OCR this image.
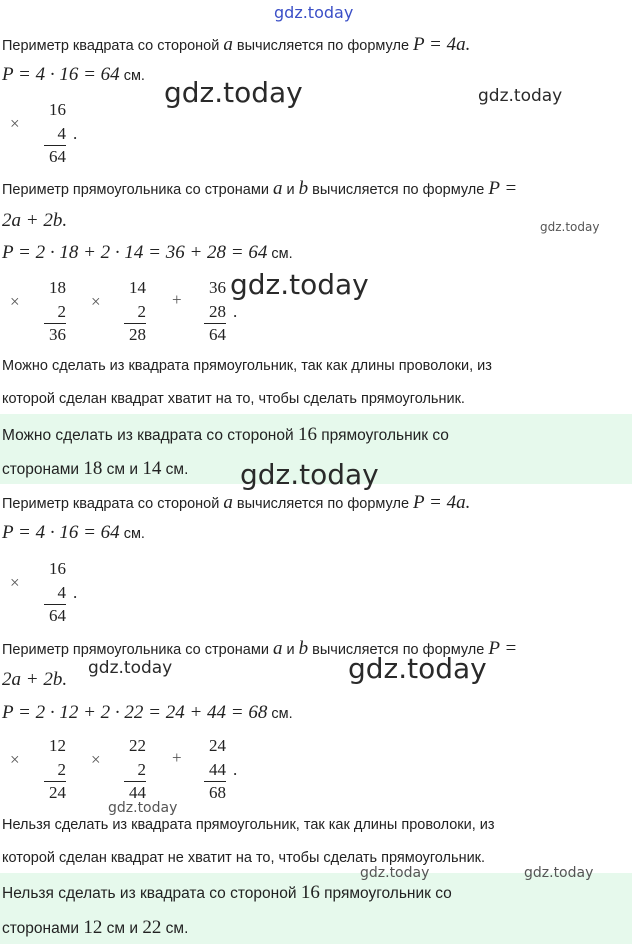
gdz.today
Периметр квадрата со стороной a вычисляется по формуле P = 4a.
P = 4 · 16 = 64 см.
×
16
4
64
.
Периметр прямоугольника со стронами a и b вычисляется по формуле P =
2a + 2b.
P = 2 · 18 + 2 · 14 = 36 + 28 = 64 см.
×
18
2
36
×
14
2
28
+
36
28
64
.
Можно сделать из квадрата прямоугольник, так как длины проволоки, из
которой сделан квадрат хватит на то, чтобы сделать прямоугольник.
Можно сделать из квадрата со стороной 16 прямоугольник со
сторонами 18 см и 14 см.
Периметр квадрата со стороной a вычисляется по формуле P = 4a.
P = 4 · 16 = 64 см.
×
16
4
64
.
Периметр прямоугольника со стронами a и b вычисляется по формуле P =
2a + 2b.
P = 2 · 12 + 2 · 22 = 24 + 44 = 68 см.
×
12
2
24
×
22
2
44
+
24
44
68
.
Нельзя сделать из квадрата прямоугольник, так как длины проволоки, из
которой сделан квадрат не хватит на то, чтобы сделать прямоугольник.
Нельзя сделать из квадрата со стороной 16 прямоугольник со
сторонами 12 см и 22 см.
gdz.today	gdz.today
gdz.today
gdz.today
gdz.today
gdz.today	gdz.today
gdz.today
gdz.today	gdz.today
